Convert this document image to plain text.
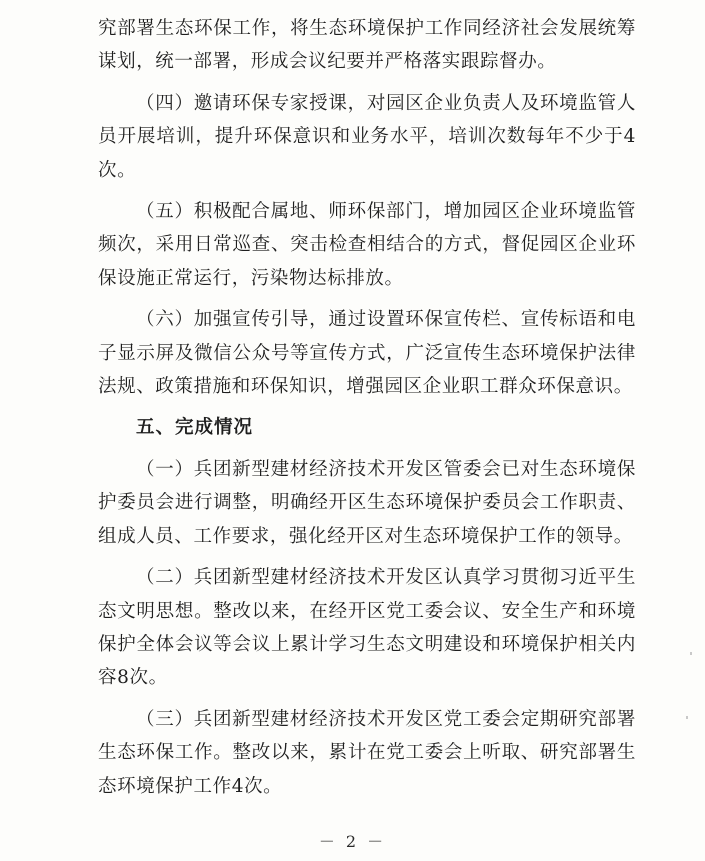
究部署生态环保工作，将生态环境保护工作同经济社会发展统筹谋划，统一部署，形成会议纪要并严格落实跟踪督办。

（四）邀请环保专家授课，对园区企业负责人及环境监管人员开展培训，提升环保意识和业务水平，培训次数每年不少于4次。

（五）积极配合属地、师环保部门，增加园区企业环境监管频次，采用日常巡查、突击检查相结合的方式，督促园区企业环保设施正常运行，污染物达标排放。

（六）加强宣传引导，通过设置环保宣传栏、宣传标语和电子显示屏及微信公众号等宣传方式，广泛宣传生态环境保护法律法规、政策措施和环保知识，增强园区企业职工群众环保意识。

五、完成情况

（一）兵团新型建材经济技术开发区管委会已对生态环境保护委员会进行调整，明确经开区生态环境保护委员会工作职责、组成人员、工作要求，强化经开区对生态环境保护工作的领导。

（二）兵团新型建材经济技术开发区认真学习贯彻习近平生态文明思想。整改以来，在经开区党工委会议、安全生产和环境保护全体会议等会议上累计学习生态文明建设和环境保护相关内容8次。

（三）兵团新型建材经济技术开发区党工委会定期研究部署生态环保工作。整改以来，累计在党工委会上听取、研究部署生态环境保护工作4次。

－ 2 －
